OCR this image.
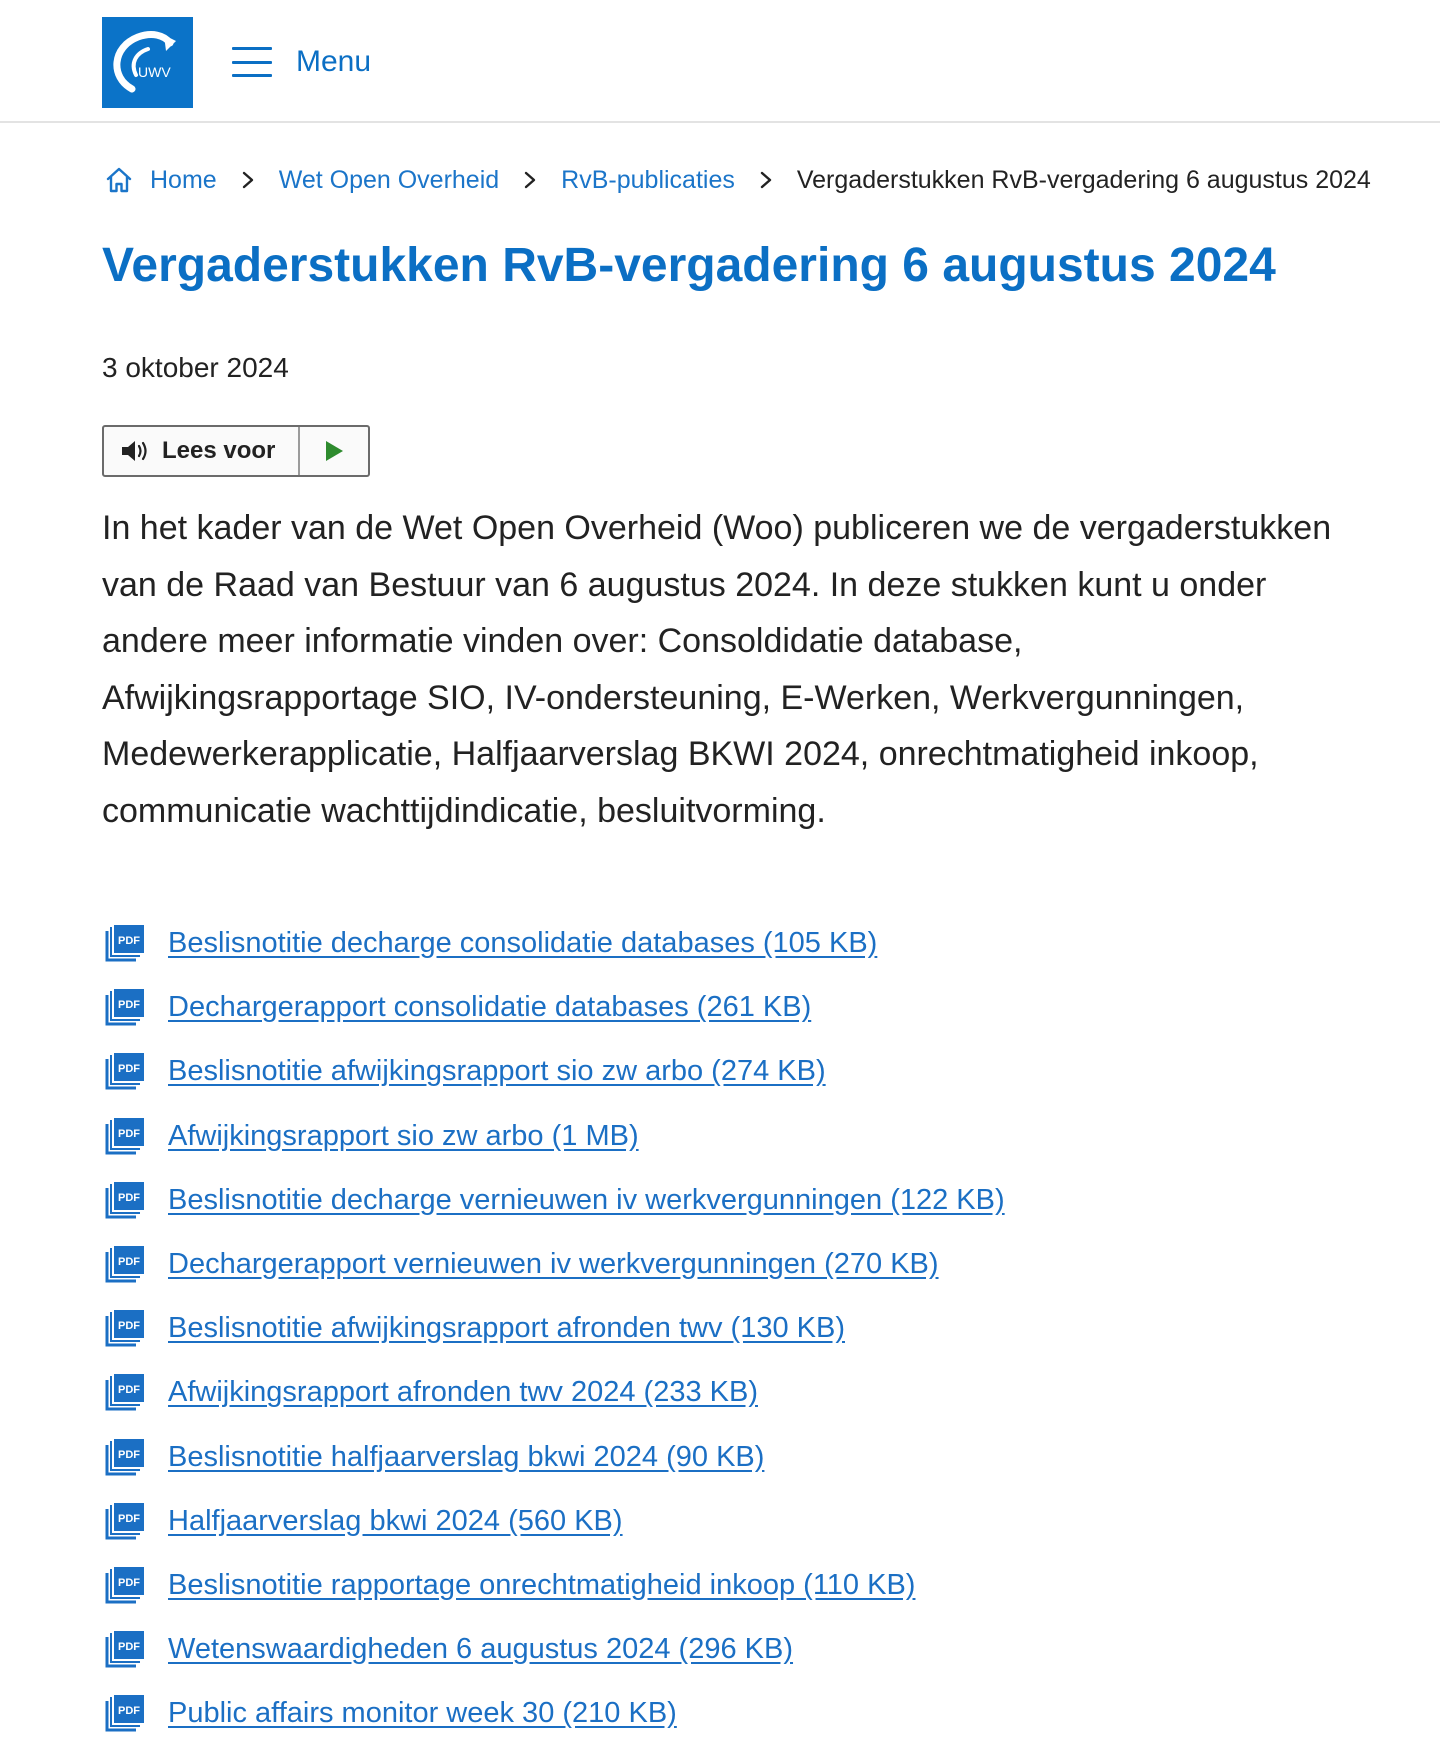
UWV	Menu
Home Wet Open Overheid RvB-publicaties Vergaderstukken RvB-vergadering 6 augustus 2024
Vergaderstukken RvB-vergadering 6 augustus 2024
3 oktober 2024
Lees voor

In het kader van de Wet Open Overheid (Woo) publiceren we de vergaderstukken van de Raad van Bestuur van 6 augustus 2024. In deze stukken kunt u onder andere meer informatie vinden over: Consoldidatie database, Afwijkingsrapportage SIO, IV-ondersteuning, E-Werken, Werkvergunningen, Medewerkerapplicatie, Halfjaarverslag BKWI 2024, onrechtmatigheid inkoop, communicatie wachttijdindicatie, besluitvorming.

PDF Beslisnotitie decharge consolidatie databases (105 KB)
PDF Dechargerapport consolidatie databases (261 KB)
PDF Beslisnotitie afwijkingsrapport sio zw arbo (274 KB)
PDF Afwijkingsrapport sio zw arbo (1 MB)
PDF Beslisnotitie decharge vernieuwen iv werkvergunningen (122 KB)
PDF Dechargerapport vernieuwen iv werkvergunningen (270 KB)
PDF Beslisnotitie afwijkingsrapport afronden twv (130 KB)
PDF Afwijkingsrapport afronden twv 2024 (233 KB)
PDF Beslisnotitie halfjaarverslag bkwi 2024 (90 KB)
PDF Halfjaarverslag bkwi 2024 (560 KB)
PDF Beslisnotitie rapportage onrechtmatigheid inkoop (110 KB)
PDF Wetenswaardigheden 6 augustus 2024 (296 KB)
PDF Public affairs monitor week 30 (210 KB)
